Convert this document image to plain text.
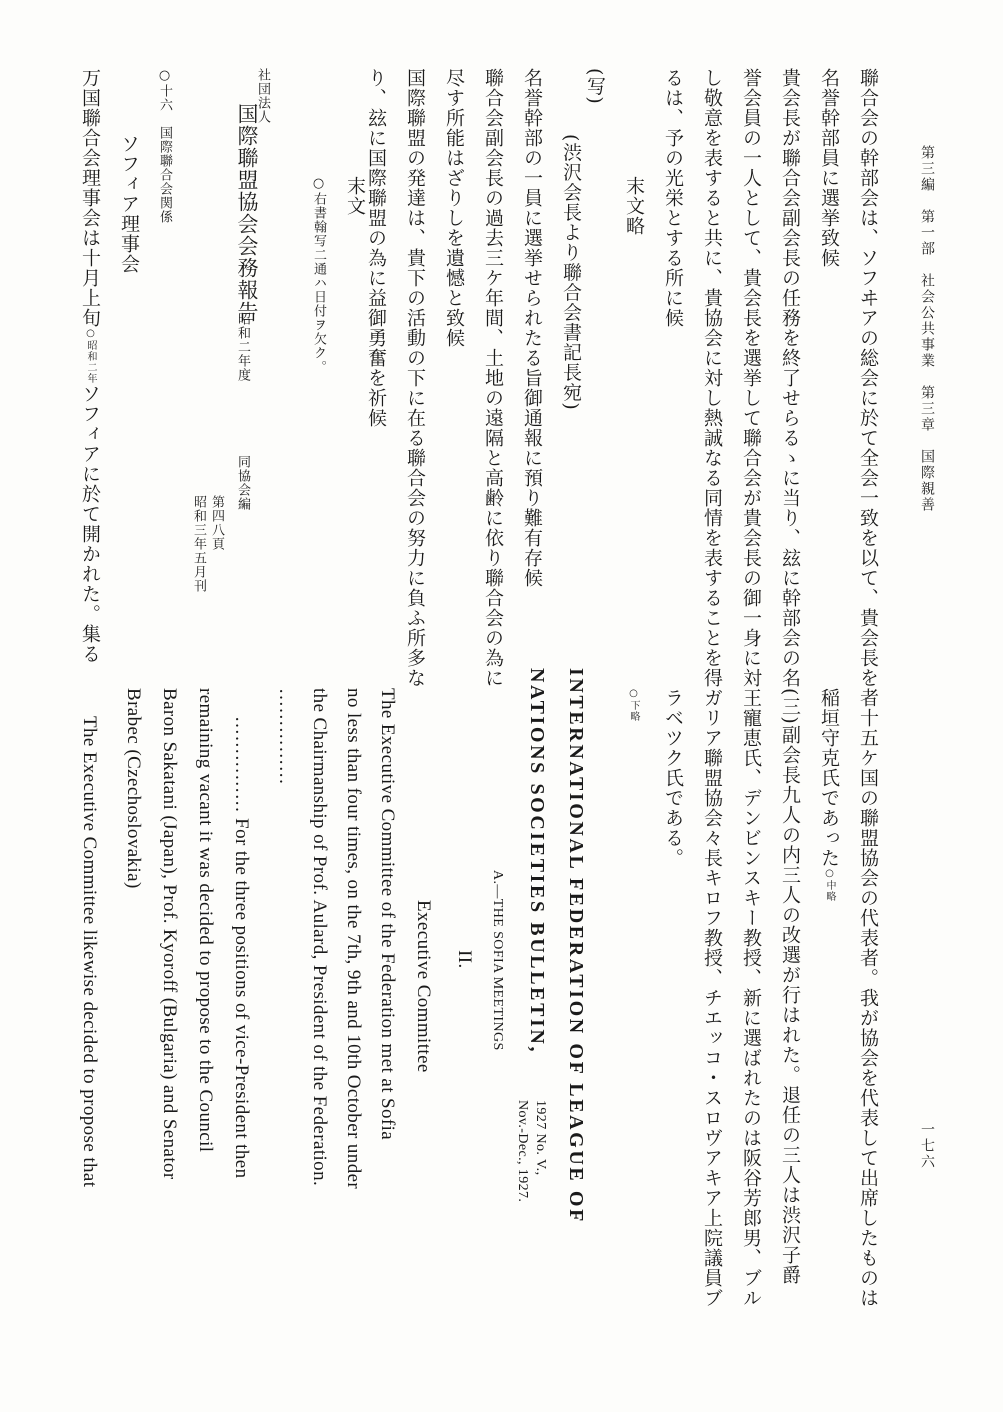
第三編　第一部　社会公共事業　第三章　国際親善
一七六
聯合会の幹部会は、ソフヰアの総会に於て全会一致を以て、貴会長を
名誉幹部員に選挙致候
貴会長が聯合会副会長の任務を終了せらるゝに当り、玆に幹部会の名
誉会員の一人として、貴会長を選挙して聯合会が貴会長の御一身に対
し敬意を表すると共に、貴協会に対し熱誠なる同情を表することを得
るは、予の光栄とする所に候
末文略
(写)
(渋沢会長より聯合会書記長宛)
名誉幹部の一員に選挙せられたる旨御通報に預り難有存候
聯合会副会長の過去三ケ年間、土地の遠隔と高齢に依り聯合会の為に
尽す所能はざりしを遺憾と致候
国際聯盟の発達は、貴下の活動の下に在る聯合会の努力に負ふ所多な
り、玆に国際聯盟の為に益御勇奮を祈候
末文
○右書翰写二通ハ日付ヲ欠ク。
社団法人
国際聯盟協会会務報告
昭和二年度
同協会編
第四八頁
昭和三年五月刊
○十六　国際聯合会関係
ソフィア理事会
万国聯合会理事会は十月上旬○昭和二年ソフィアに於て開かれた。集る
者十五ケ国の聯盟協会の代表者。我が協会を代表して出席したものは
稲垣守克氏であった○中略
(三)副会長九人の内三人の改選が行はれた。退任の三人は渋沢子爵
王寵恵氏、デンビンスキー教授、新に選ばれたのは阪谷芳郎男、ブル
ガリア聯盟協会々長キロフ教授、チエッコ・スロヴアキア上院議員ブ
ラベツク氏である。
○下略
INTERNATIONAL FEDERATION OF LEAGUE OF
NATIONS SOCIETIES BULLETIN,
1927 No. V.,
Nov.-Dec., 1927.
A.—THE SOFIA MEETINGS
II.
Executive Committee
The Executive Committee of the Federation met at Sofia
no less than four times, on the 7th, 9th and 10th October under
the Chairmanship of Prof. Aulard, President of the Federation.
……………
…………… For the three positions of vice-President then
remaining vacant it was decided to propose to the Council
Baron Sakatani (Japan), Prof. Kyoroff (Bulgaria) and Senator
Brabec (Czechoslovakia)
The Executive Committee likewise decided to propose that
